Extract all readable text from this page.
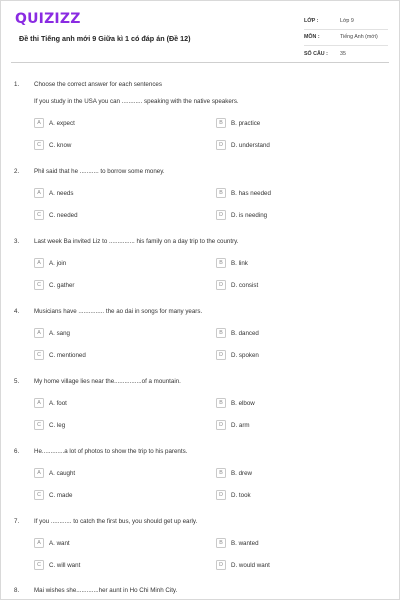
QUIZIZZ
Đề thi Tiếng anh mới 9 Giữa kì 1 có đáp án (Đề 12)
LỚP :	Lớp 9
MÔN :	Tiếng Anh (mới)
SỐ CÂU :	35
1. Choose the correct answer for each sentences
If you study in the USA you can ............ speaking with the native speakers.
A	A. expect	B	B. practice
C	C. know	D	D. understand
2. Phil said that he ........... to borrow some money.
A	A. needs	B	B. has needed
C	C. needed	D	D. is needing
3. Last week Ba invited Liz to ............... his family on a day trip to the country.
A	A. join	B	B. link
C	C. gather	D	D. consist
4. Musicians have ............... the ao dai in songs for many years.
A	A. sang	B	B. danced
C	C. mentioned	D	D. spoken
5. My home village lies near the................of a mountain.
A	A. foot	B	B. elbow
C	C. leg	D	D. arm
6. He.............a lot of photos to show the trip to his parents.
A	A. caught	B	B. drew
C	C. made	D	D. took
7. If you ............ to catch the first bus, you should get up early.
A	A. want	B	B. wanted
C	C. will want	D	D. would want
8. Mai wishes she.............her aunt in Ho Chi Minh City.
